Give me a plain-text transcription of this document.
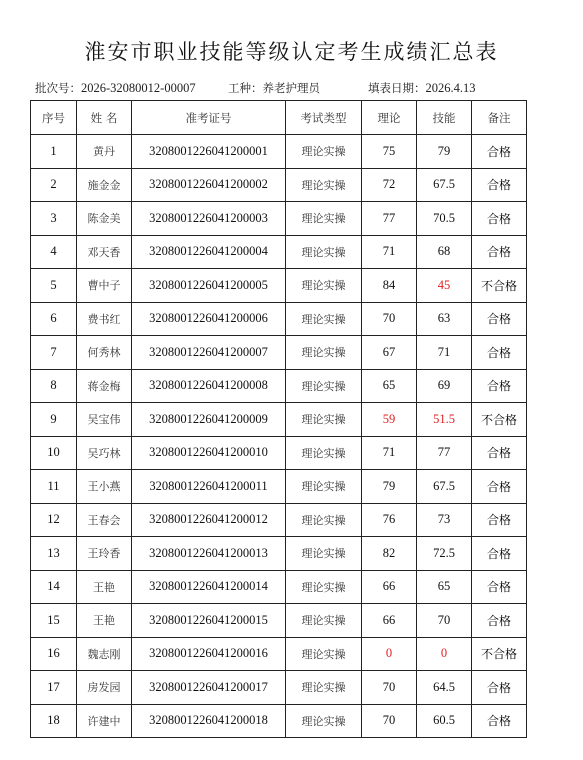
淮安市职业技能等级认定考生成绩汇总表
批次号：2026-32080012-00007	工种：养老护理员	填表日期：2026.4.13
序号	姓 名	准考证号	考试类型	理论	技能	备注
1	黄丹	3208001226041200001	理论实操	75	79	合格
2	施金金	3208001226041200002	理论实操	72	67.5	合格
3	陈金美	3208001226041200003	理论实操	77	70.5	合格
4	邓天香	3208001226041200004	理论实操	71	68	合格
5	曹中子	3208001226041200005	理论实操	84	45	不合格
6	费书红	3208001226041200006	理论实操	70	63	合格
7	何秀林	3208001226041200007	理论实操	67	71	合格
8	蒋金梅	3208001226041200008	理论实操	65	69	合格
9	吴宝伟	3208001226041200009	理论实操	59	51.5	不合格
10	吴巧林	3208001226041200010	理论实操	71	77	合格
11	王小燕	3208001226041200011	理论实操	79	67.5	合格
12	王春会	3208001226041200012	理论实操	76	73	合格
13	王玲香	3208001226041200013	理论实操	82	72.5	合格
14	王艳	3208001226041200014	理论实操	66	65	合格
15	王艳	3208001226041200015	理论实操	66	70	合格
16	魏志刚	3208001226041200016	理论实操	0	0	不合格
17	房发园	3208001226041200017	理论实操	70	64.5	合格
18	许建中	3208001226041200018	理论实操	70	60.5	合格
